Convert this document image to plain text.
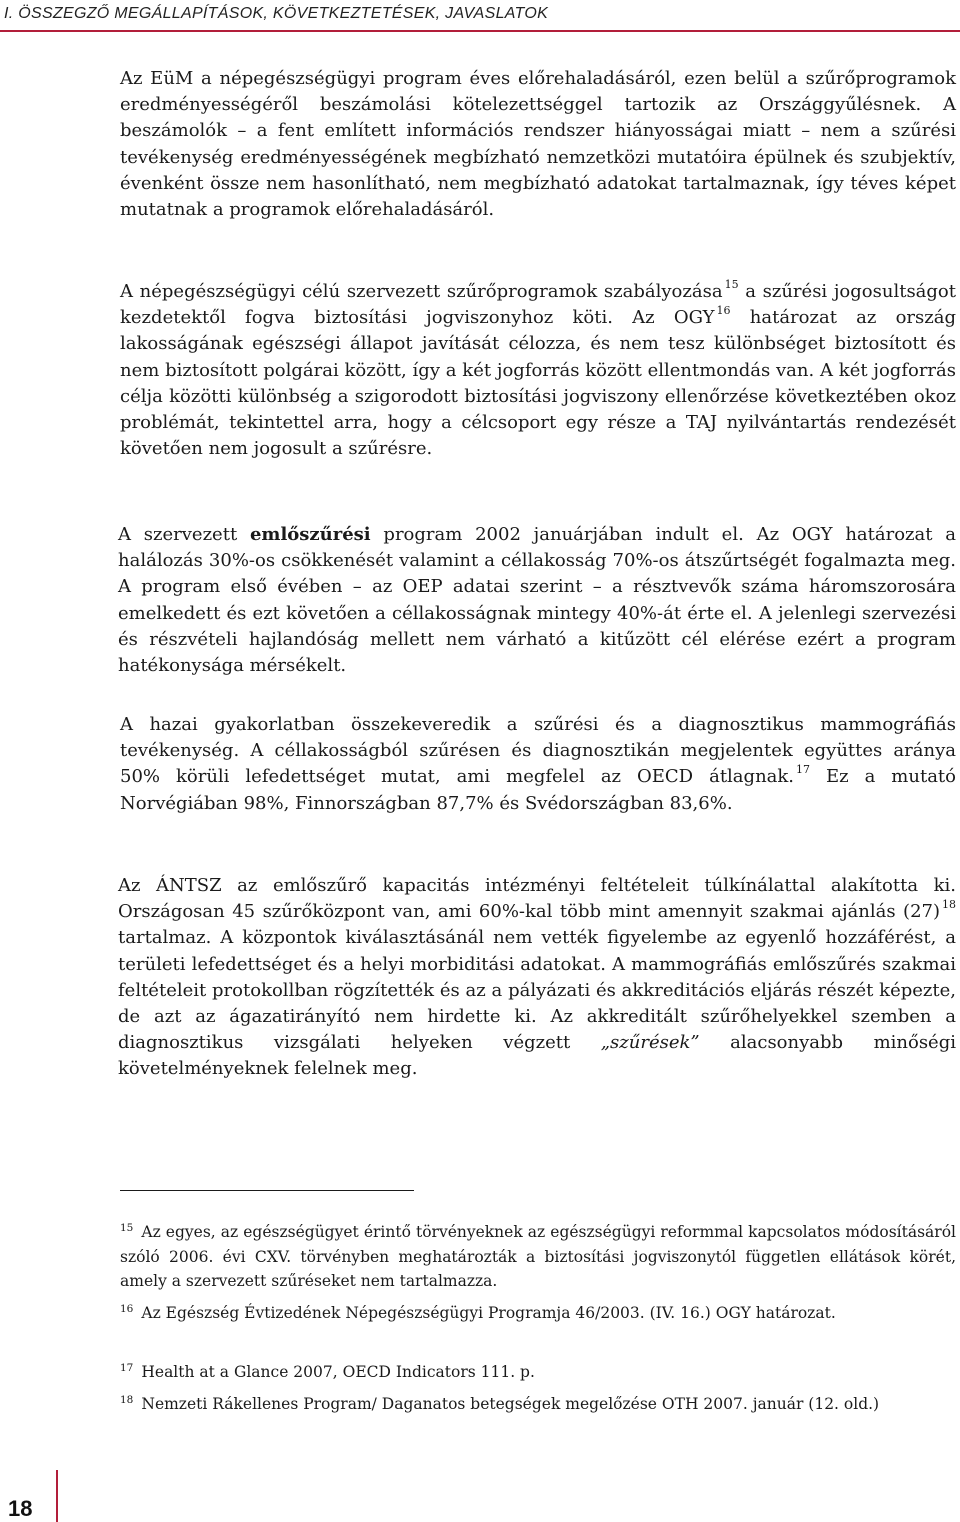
I. ÖSSZEGZŐ MEGÁLLAPÍTÁSOK, KÖVETKEZTETÉSEK, JAVASLATOK

Az EüM a népegészségügyi program éves előrehaladásáról, ezen belül a szűrőprogramok eredményességéről beszámolási kötelezettséggel tartozik az Országgyűlésnek. A beszámolók – a fent említett információs rendszer hiányosságai miatt – nem a szűrési tevékenység eredményességének megbízható nemzetközi mutatóira épülnek és szubjektív, évenként össze nem hasonlítható, nem megbízható adatokat tartalmaznak, így téves képet mutatnak a programok előrehaladásáról.

A népegészségügyi célú szervezett szűrőprogramok szabályozása $^{15}$ a szűrési jogosultságot kezdetektől fogva biztosítási jogviszonyhoz köti. Az OGY $^{16}$ határozat az ország lakosságának egészségi állapot javítását célozza, és nem tesz különbséget biztosított és nem biztosított polgárai között, így a két jogforrás között ellentmondás van. A két jogforrás célja közötti különbség a szigorodott biztosítási jogviszony ellenőrzése következtében okoz problémát, tekintettel arra, hogy a célcsoport egy része a TAJ nyilvántartás rendezését követően nem jogosult a szűrésre.

A szervezett emlőszűrési program 2002 januárjában indult el. Az OGY határozat a halálozás 30%-os csökkenését valamint a céllakosság 70%-os átszűrtségét fogalmazta meg. A program első évében – az OEP adatai szerint – a résztvevők száma háromszorosára emelkedett és ezt követően a céllakosságnak mintegy 40%-át érte el. A jelenlegi szervezési és részvételi hajlandóság mellett nem várható a kitűzött cél elérése ezért a program hatékonysága mérsékelt.

A hazai gyakorlatban összekeveredik a szűrési és a diagnosztikus mammográfiás tevékenység. A céllakosságból szűrésen és diagnosztikán megjelentek együttes aránya 50% körüli lefedettséget mutat, ami megfelel az OECD átlagnak. $^{17}$ Ez a mutató Norvégiában 98%, Finnországban 87,7% és Svédországban 83,6%.

Az ÁNTSZ az emlőszűrő kapacitás intézményi feltételeit túlkínálattal alakította ki. Országosan 45 szűrőközpont van, ami 60%-kal több mint amennyit szakmai ajánlás (27) $^{18}$ tartalmaz. A központok kiválasztásánál nem vették figyelembe az egyenlő hozzáférést, a területi lefedettséget és a helyi morbiditási adatokat. A mammográfiás emlőszűrés szakmai feltételeit protokollban rögzítették és az a pályázati és akkreditációs eljárás részét képezte, de azt az ágazatirányító nem hirdette ki. Az akkreditált szűrőhelyekkel szemben a diagnosztikus vizsgálati helyeken végzett „szűrések” alacsonyabb minőségi követelményeknek felelnek meg.

$^{15}$ Az egyes, az egészségügyet érintő törvényeknek az egészségügyi reformmal kapcsolatos módosításáról szóló 2006. évi CXV. törvényben meghatározták a biztosítási jogviszonytól független ellátások körét, amely a szervezett szűréseket nem tartalmazza.

$^{16}$ Az Egészség Évtizedének Népegészségügyi Programja 46/2003. (IV. 16.) OGY határozat.

$^{17}$ Health at a Glance 2007, OECD Indicators 111. p.

$^{18}$ Nemzeti Rákellenes Program/ Daganatos betegségek megelőzése OTH 2007. január (12. old.)

18
